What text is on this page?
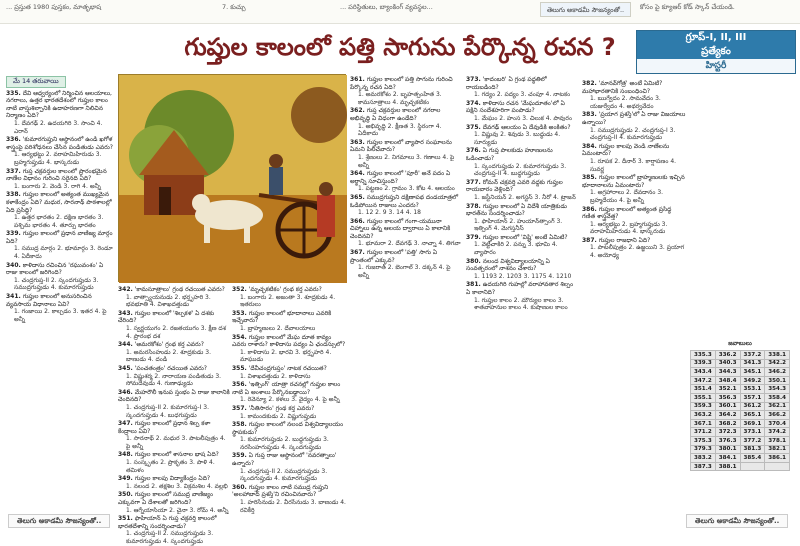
... ప్రస్తుత 1980 పుస్తకం, మాతృభాష	7. కుచ్చు	... పరిస్థితులు, బ్యాంకింగ్ వ్యవస్థల...	తెలుగు అకాడమీ సౌజన్యంతో..	కోసం పై క్యూఆర్ కోడ్ స్కాన్ చేయండి.
గుప్తుల కాలంలో పత్తి సాగును పేర్కొన్న రచన ?	గ్రూప్-I, II, III
ప్రత్యేకం
హిస్టరీ
మే 14 తరువాయి
335. దేవి ఆధ్వర్యంలో నిర్మించిన ఆలయాలు, నగరాలు, ఉత్తర భారతదేశంలో గుప్తుల కాలం నాటి వాస్తుశిల్పానికి ఉదాహరణగా నిలిచిన నిర్మాణం ఏది?
1. దేవగఢ్ 2. ఉదయగిరి 3. సాంచి 4. ఎరాన్
336. 'కుమారగుప్తుని ఆస్థానంలో ఉండి ఖగోళ శాస్త్రంపై పరిశోధనలు చేసిన పండితుడు ఎవరు?
1. ఆర్యభట్టు 2. వరాహమిహిరుడు 3. బ్రహ్మగుప్తుడు 4. భాస్కరుడు
337. గుప్త చక్రవర్తుల కాలంలో ప్రారంభమైన నాణేల విధానం గురించి సరైనది ఏది?
1. బంగారు 2. వెండి 3. రాగి 4. అన్నీ
338. గుప్తుల కాలంలో అత్యంత ముఖ్యమైన కళాకేంద్రం ఏది? మధుర, సారనాథ్ పాఠశాలల్లో ఏది ప్రసిద్ధి?
1. ఉత్తర భారతం 2. దక్షిణ భారతం 3. పశ్చిమ భారతం 4. తూర్పు భారతం
339. గుప్తుల కాలంలో ప్రధాన వాణిజ్య మార్గం ఏది?
1. సముద్ర మార్గం 2. భూమార్గం 3. రెండూ 4. ఏదీకాదు
340. కాళిదాసు రచించిన 'రఘువంశం' ఏ రాజు కాలంలో జరిగింది?
1. చంద్రగుప్త-II 2. స్కందగుప్తుడు 3. సముద్రగుప్తుడు 4. కుమారగుప్తుడు
341. గుప్తుల కాలంలో అనుసరించిన వ్యవసాయ విధానాలు ఏవి?
1. గంజాయి 2. కాల్చడం 3. ఇతర 4. పై అన్నీ
342. 'కామసూత్రాలు' గ్రంథ రచయిత ఎవరు?
1. వాత్స్యాయనుడు 2. భర్తృహరి 3. భవభూతి 4. విశాఖదత్తుడు
343. గుప్తుల కాలంలో 'శిల్పకళ' ఏ దశకు చేరింది?
1. స్వర్ణయుగం 2. రజతయుగం 3. క్షీణ దశ 4. ప్రారంభ దశ
344. 'అమరకోశం' గ్రంథ కర్త ఎవరు?
1. అమరసింహుడు 2. శూద్రకుడు 3. బాణుడు 4. దండి
345. 'పంచతంత్రం' రచయిత ఎవరు?
1. విష్ణుశర్మ 2. నారాయణ పండితుడు 3. సోమదేవుడు 4. గుణాఢ్యుడు
346. మేహరౌలీ ఇనుప స్తంభం ఏ రాజు కాలానికి చెందినది?
1. చంద్రగుప్త-II 2. కుమారగుప్త-I 3. స్కందగుప్తుడు 4. బుధగుప్తుడు
347. గుప్తుల కాలంలో ప్రధాన శిల్ప కళా కేంద్రాలు ఏవి?
1. సారనాథ్ 2. మధుర 3. పాటలీపుత్రం 4. పై అన్నీ
348. గుప్తుల కాలంలో శాసనాల భాష ఏది?
1. సంస్కృతం 2. ప్రాకృతం 3. పాళి 4. తమిళం
349. గుప్తుల కాలపు విద్యాకేంద్రం ఏది?
1. నలంద 2. తక్షశిల 3. విక్రమశిల 4. వల్లభి
350. గుప్తుల కాలంలో సముద్ర వాణిజ్యం ఎక్కువగా ఏ దేశాలతో జరిగింది?
1. ఆగ్నేయాసియా 2. చైనా 3. రోమ్ 4. అన్నీ
351. ఫాహియాన్ ఏ గుప్త చక్రవర్తి కాలంలో భారతదేశాన్ని సందర్శించాడు?
1. చంద్రగుప్త-II 2. సముద్రగుప్తుడు 3. కుమారగుప్తుడు 4. స్కందగుప్తుడు
352. 'మృచ్ఛకటికం' గ్రంథ కర్త ఎవరు?
1. బంగారు 2. అజంతా 3. శూద్రకుడు 4. ఇతరులు
353. గుప్తుల కాలంలో భూదానాలు ఎవరికి ఇచ్చేవారు?
1. బ్రాహ్మణులు 2. దేవాలయాలు
354. గుప్తుల కాలంలో మేఘ దూత కావ్యం ఎవరు రాశారు? కాళిదాసు పద్యం ఏ ఛందస్సులో?
1. కాళిదాసు 2. భారవి 3. భర్తృహరి 4. మాఘుడు
355. 'దేవీచంద్రగుప్తం' నాటక రచయిత?
1. విశాఖదత్తుడు 2. కాళిదాసు
356. 'ఇత్సింగ్' యాత్రా రచనల్లో గుప్తుల కాలం నాటి ఏ అంశాలు పేర్కొనబడ్డాయి?
1. రెవెన్యూ 2. కళలు 3. వైద్యం 4. పై అన్నీ
357. 'నీతిసారం' గ్రంథ కర్త ఎవరు?
1. కామందకుడు 2. విష్ణుగుప్తుడు
358. గుప్తుల కాలంలో నలంద విశ్వవిద్యాలయం స్థాపకుడు?
1. కుమారగుప్తుడు 2. బుద్ధగుప్తుడు 3. నరసింహగుప్తుడు 4. స్కందగుప్తుడు
359. ఏ గుప్త రాజు ఆస్థానంలో 'నవరత్నాలు' ఉన్నారు?
1. చంద్రగుప్త-II 2. సముద్రగుప్తుడు 3. స్కందగుప్తుడు 4. కుమారగుప్తుడు
360. గుప్తుల కాలం నాటి సముద్ర గుప్తుని 'అలహాబాద్ ప్రశస్తి'ని రచించినవారు?
1. హరిసేనుడు 2. వీరసేనుడు 3. బాణుడు 4. రవికీర్తి
361. గుప్తుల కాలంలో పత్తి సాగును గురించి పేర్కొన్న రచన ఏది?
1. అమరకోశం 2. బృహత్సంహిత 3. కామసూత్రాలు 4. మృచ్ఛకటికం
362. గుప్త చక్రవర్తుల కాలంలో నగరాల అభివృద్ధి ఏ విధంగా ఉండేది?
1. అభివృద్ధి 2. క్షీణత 3. స్థిరంగా 4. ఏదీకాదు
363. గుప్తుల కాలంలో వ్యాపార సంఘాలను ఏమని పిలిచేవారు?
1. శ్రేణులు 2. నిగమాలు 3. గణాలు 4. పై అన్నీ
364. గుప్తుల కాలంలో 'పూరీ' అనే పదం ఏ అర్థాన్ని సూచిస్తుంది?
1. పట్టణం 2. గ్రామం 3. కోట 4. ఆలయం
365. సముద్రగుప్తుని దక్షిణాపథ దండయాత్రలో ఓడిపోయిన రాజులు ఎందరు?
1. 12 2. 9 3. 14 4. 18
366. గుప్తుల కాలంలో గంగా-యమునా చిహ్నాలు ఉన్న ఆలయ ద్వారాలు ఏ కాలానికి చెందినవి?
1. భూమరా 2. దేవగఢ్ 3. నాచ్నా 4. తిగవా
367. గుప్తుల కాలంలో 'పత్తి' సాగు ఏ ప్రాంతంలో ఎక్కువ?
1. గుజరాత్ 2. బెంగాల్ 3. దక్కన్ 4. పై అన్నీ
373. 'కాదంబరి' ఏ గ్రంథ పద్ధతిలో రాయబడింది?
1. గద్యం 2. పద్యం 3. చంపూ 4. నాటకం
374. కాళిదాసు రచన 'మేఘదూతం'లో ఏ పక్షిని సందేశహరిగా పంపాడు?
1. మేఘం 2. హంస 3. చిలుక 4. పావురం
375. దేవగఢ్ ఆలయం ఏ దేవుడికి అంకితం?
1. విష్ణువు 2. శివుడు 3. బుద్ధుడు 4. సూర్యుడు
376. ఏ గుప్త పాలకుడు హూణులను ఓడించాడు?
1. స్కందగుప్తుడు 2. కుమారగుప్తుడు 3. చంద్రగుప్త-II 4. బుద్ధగుప్తుడు
377. రోమన్ చక్రవర్తి ఎవరి వద్దకు గుప్తుల రాయబారం వెళ్లింది?
1. జస్టీనియన్ 2. అగస్టస్ 3. నీరో 4. ట్రాజన్
378. గుప్తుల కాలంలో ఏ విదేశీ యాత్రికుడు భారత్‌ను సందర్శించాడు?
1. ఫాహియాన్ 2. హుయాన్‌త్సాంగ్ 3. ఇత్సింగ్ 4. మెగస్తనీస్
379. గుప్తుల కాలంలో 'విష్టి' అంటే ఏమిటి?
1. వెట్టిచాకిరి 2. పన్ను 3. భూమి 4. వ్యాపారం
380. నలంద విశ్వవిద్యాలయాన్ని ఏ సంవత్సరంలో నాశనం చేశారు?
1. 1193 2. 1203 3. 1175 4. 1210
381. ఉదయగిరి గుహల్లో వరాహావతార శిల్పం ఏ కాలానిది?
1. గుప్తుల కాలం 2. మౌర్యుల కాలం 3. శాతవాహనుల కాలం 4. కుషాణుల కాలం
382. 'మానవ్‌గోత్ర' అంటే ఏమిటి? మహాభారతానికి సంబంధించి?
1. ఋగ్వేదం 2. సామవేదం 3. యజుర్వేదం 4. అథర్వవేదం
383. 'ప్రయాగ ప్రశస్తి'లో ఏ రాజు విజయాలు ఉన్నాయి?
1. సముద్రగుప్తుడు 2. చంద్రగుప్త-I 3. చంద్రగుప్త-II 4. కుమారగుప్తుడు
384. గుప్తుల కాలపు వెండి నాణేలను ఏమంటారు?
1. రూపక 2. దీనార్ 3. కార్షాపణం 4. సువర్ణ
385. గుప్తుల కాలంలో బ్రాహ్మణులకు ఇచ్చిన భూదానాలను ఏమంటారు?
1. అగ్రహారాలు 2. దేవదానం 3. బ్రహ్మదేయం 4. పై అన్నీ
386. గుప్తుల కాలంలో అత్యంత ప్రసిద్ధ గణిత శాస్త్రవేత్త?
1. ఆర్యభట్టు 2. బ్రహ్మగుప్తుడు 3. వరాహమిహిరుడు 4. భాస్కరుడు
387. గుప్తుల రాజధాని ఏది?
1. పాటలీపుత్రం 2. ఉజ్జయిని 3. ప్రయాగ 4. అయోధ్య
జవాబులు
335.3	336.2	337.2	338.1
339.3	340.3	341.3	342.2
343.4	344.3	345.1	346.2
347.2	348.4	349.2	350.1
351.4	352.1	353.1	354.3
355.1	356.3	357.1	358.4
359.3	360.1	361.2	362.1
363.2	364.2	365.1	366.2
367.1	368.2	369.1	370.4
371.2	372.3	373.1	374.2
375.3	376.3	377.2	378.1
379.3	380.1	381.3	382.1
383.2	384.1	385.4	386.1
387.3	388.1		
తెలుగు అకాడమీ సౌజన్యంతో..	తెలుగు అకాడమీ సౌజన్యంతో..
